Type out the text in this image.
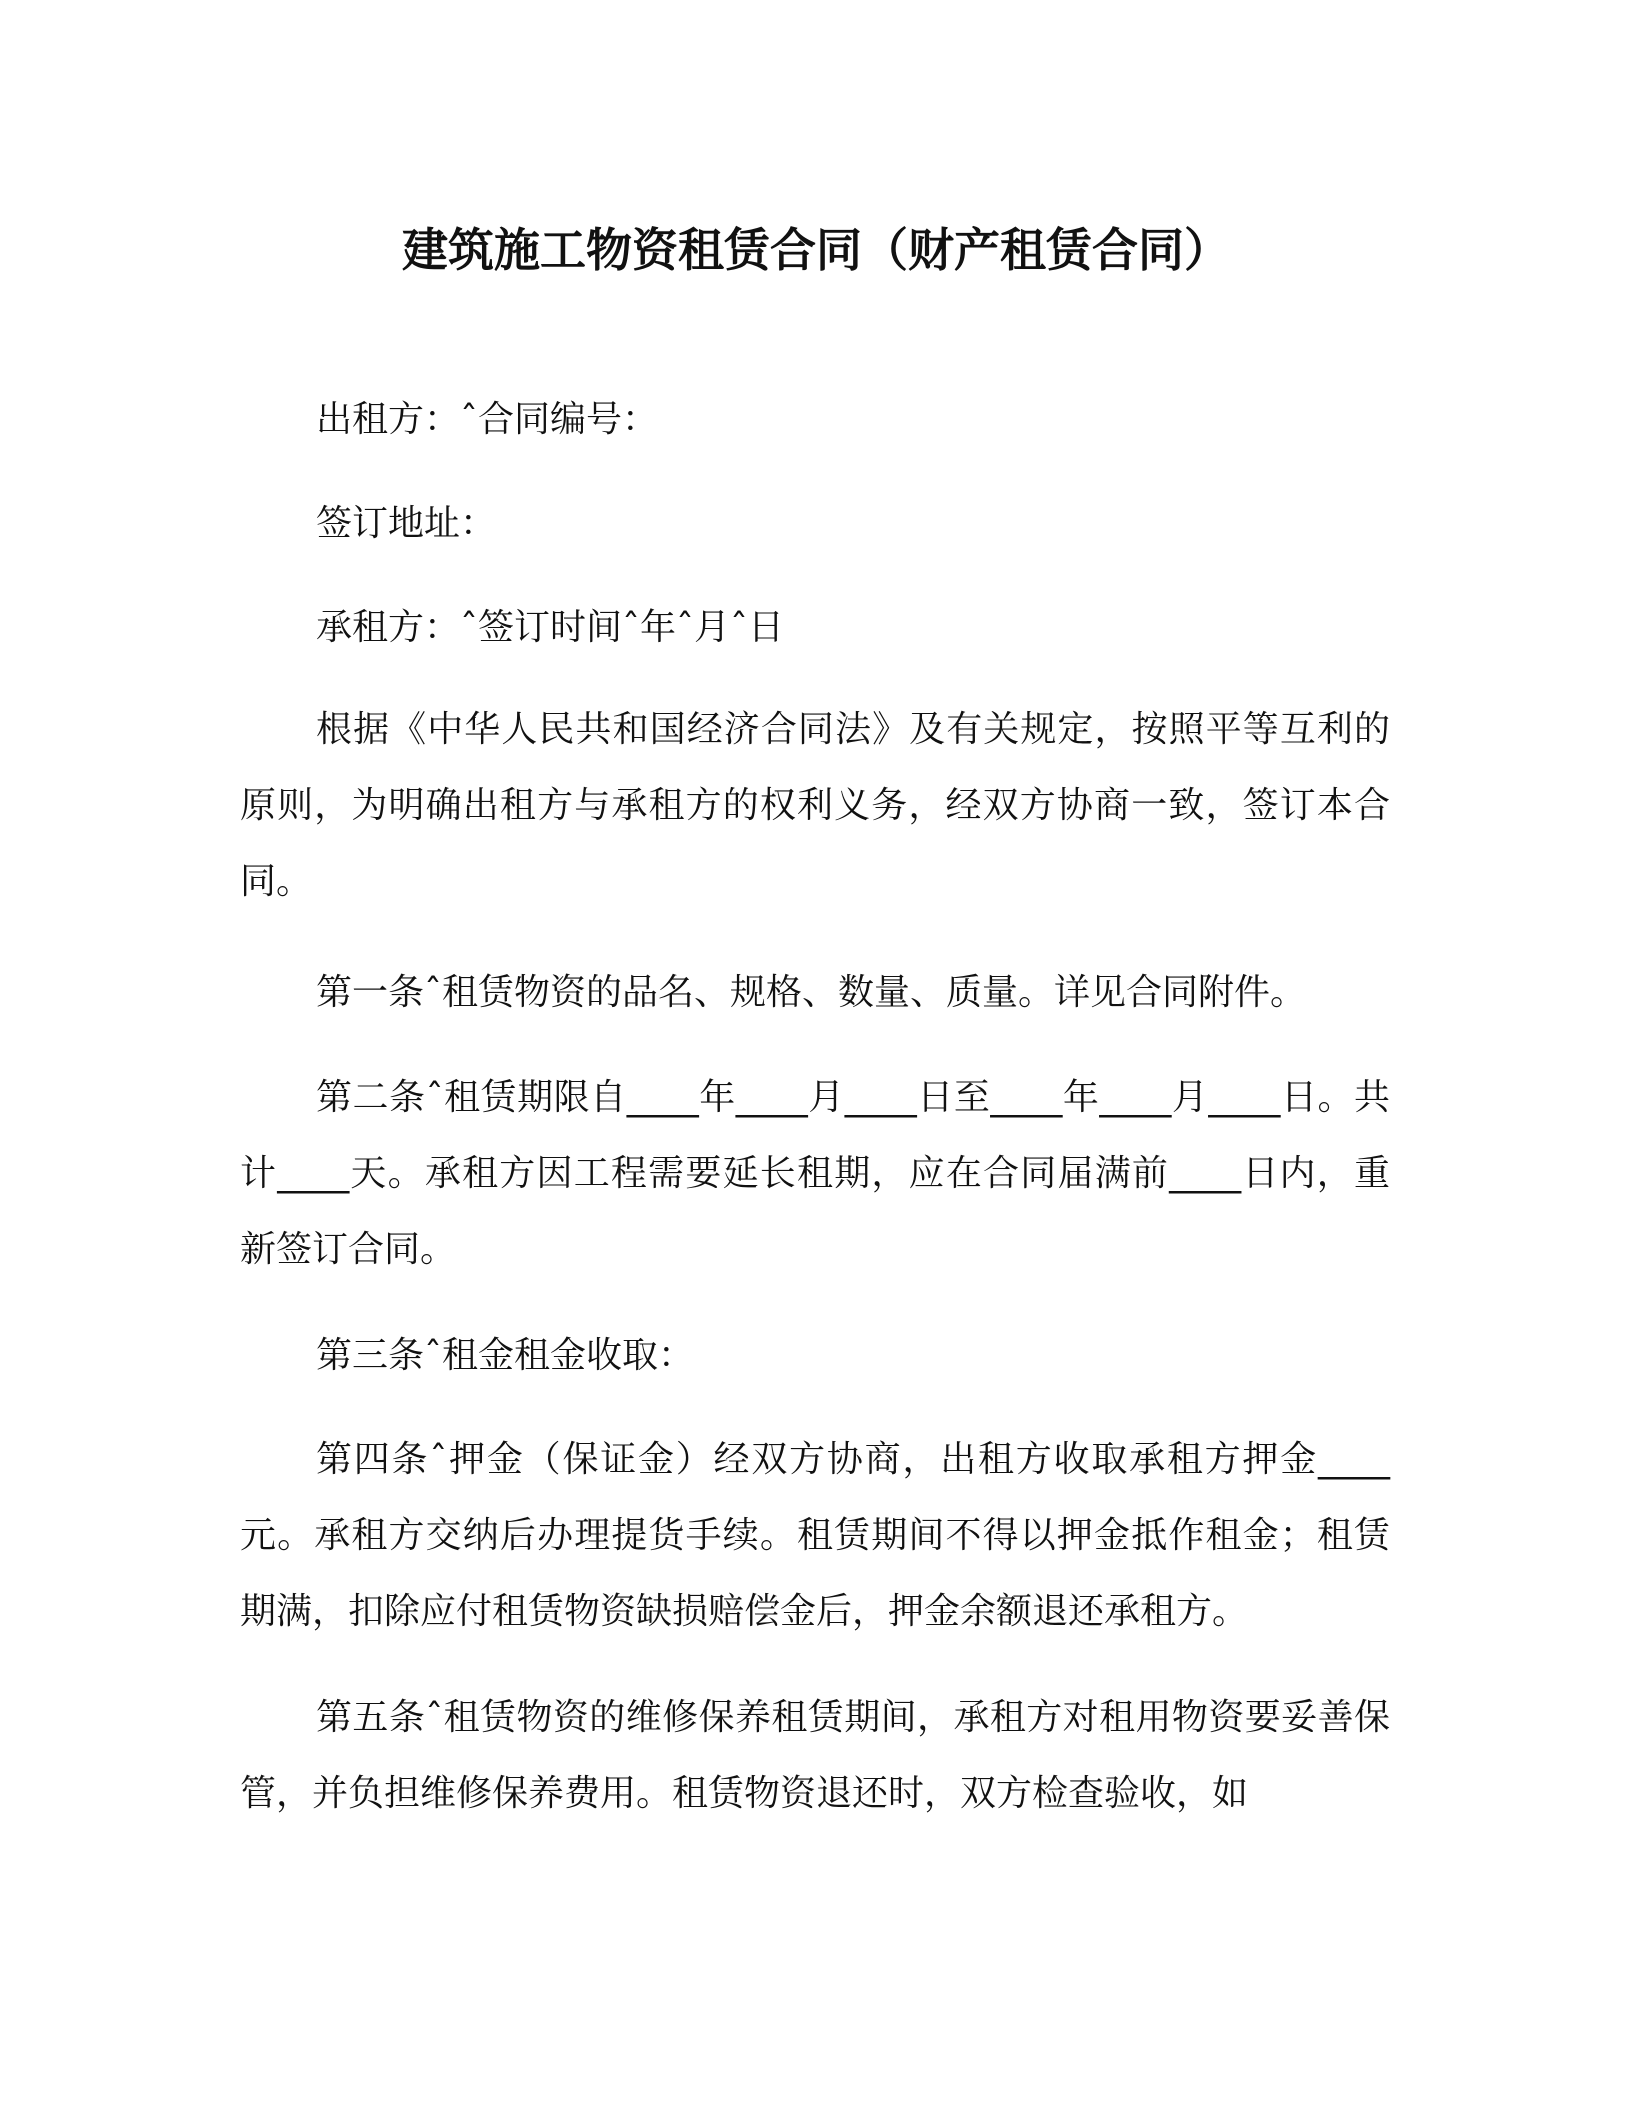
建筑施工物资租赁合同（财产租赁合同）
出租方：ˆ合同编号：
签订地址：
承租方：ˆ签订时间ˆ年ˆ月ˆ日

根据《中华人民共和国经济合同法》及有关规定，按照平等互利的原则，为明确出租方与承租方的权利义务，经双方协商一致，签订本合同。

第一条ˆ租赁物资的品名、规格、数量、质量。详见合同附件。

第二条ˆ租赁期限自____年____月____日至____年____月____日。共计____天。承租方因工程需要延长租期，应在合同届满前____日内，重新签订合同。

第三条ˆ租金租金收取：

第四条ˆ押金（保证金）经双方协商，出租方收取承租方押金____元。承租方交纳后办理提货手续。租赁期间不得以押金抵作租金；租赁期满，扣除应付租赁物资缺损赔偿金后，押金余额退还承租方。

第五条ˆ租赁物资的维修保养租赁期间，承租方对租用物资要妥善保管，并负担维修保养费用。租赁物资退还时，双方检查验收，如
